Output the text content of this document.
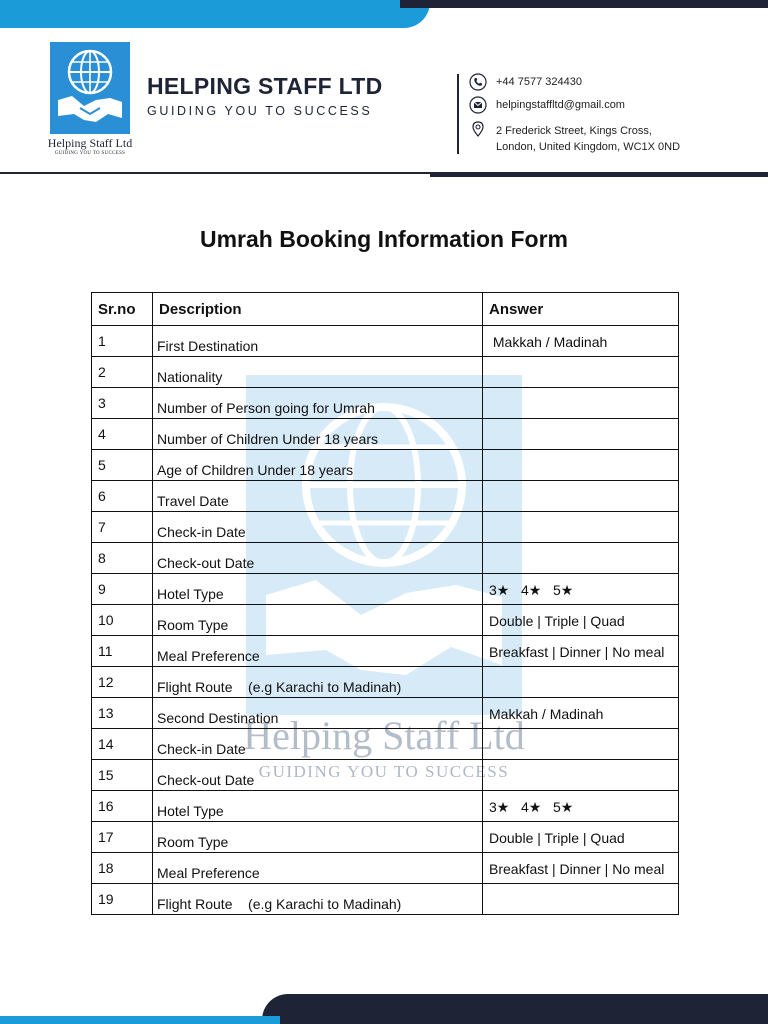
Helping Staff Ltd
GUIDING YOU TO SUCCESS
HELPING STAFF LTD
GUIDING YOU TO SUCCESS
+44 7577 324430
helpingstaffltd@gmail.com
2 Frederick Street, Kings Cross,
London, United Kingdom, WC1X 0ND
Umrah Booking Information Form
Helping Staff Ltd
GUIDING YOU TO SUCCESS
Sr.no	Description	Answer
1	First Destination	Makkah / Madinah
2	Nationality	
3	Number of Person going for Umrah	
4	Number of Children Under 18 years	
5	Age of Children Under 18 years	
6	Travel Date	
7	Check-in Date	
8	Check-out Date	
9	Hotel Type	3★   4★   5★
10	Room Type	Double | Triple | Quad
11	Meal Preference	Breakfast | Dinner | No meal
12	Flight Route    (e.g Karachi to Madinah)	
13	Second Destination	Makkah / Madinah
14	Check-in Date	
15	Check-out Date	
16	Hotel Type	3★   4★   5★
17	Room Type	Double | Triple | Quad
18	Meal Preference	Breakfast | Dinner | No meal
19	Flight Route    (e.g Karachi to Madinah)	
